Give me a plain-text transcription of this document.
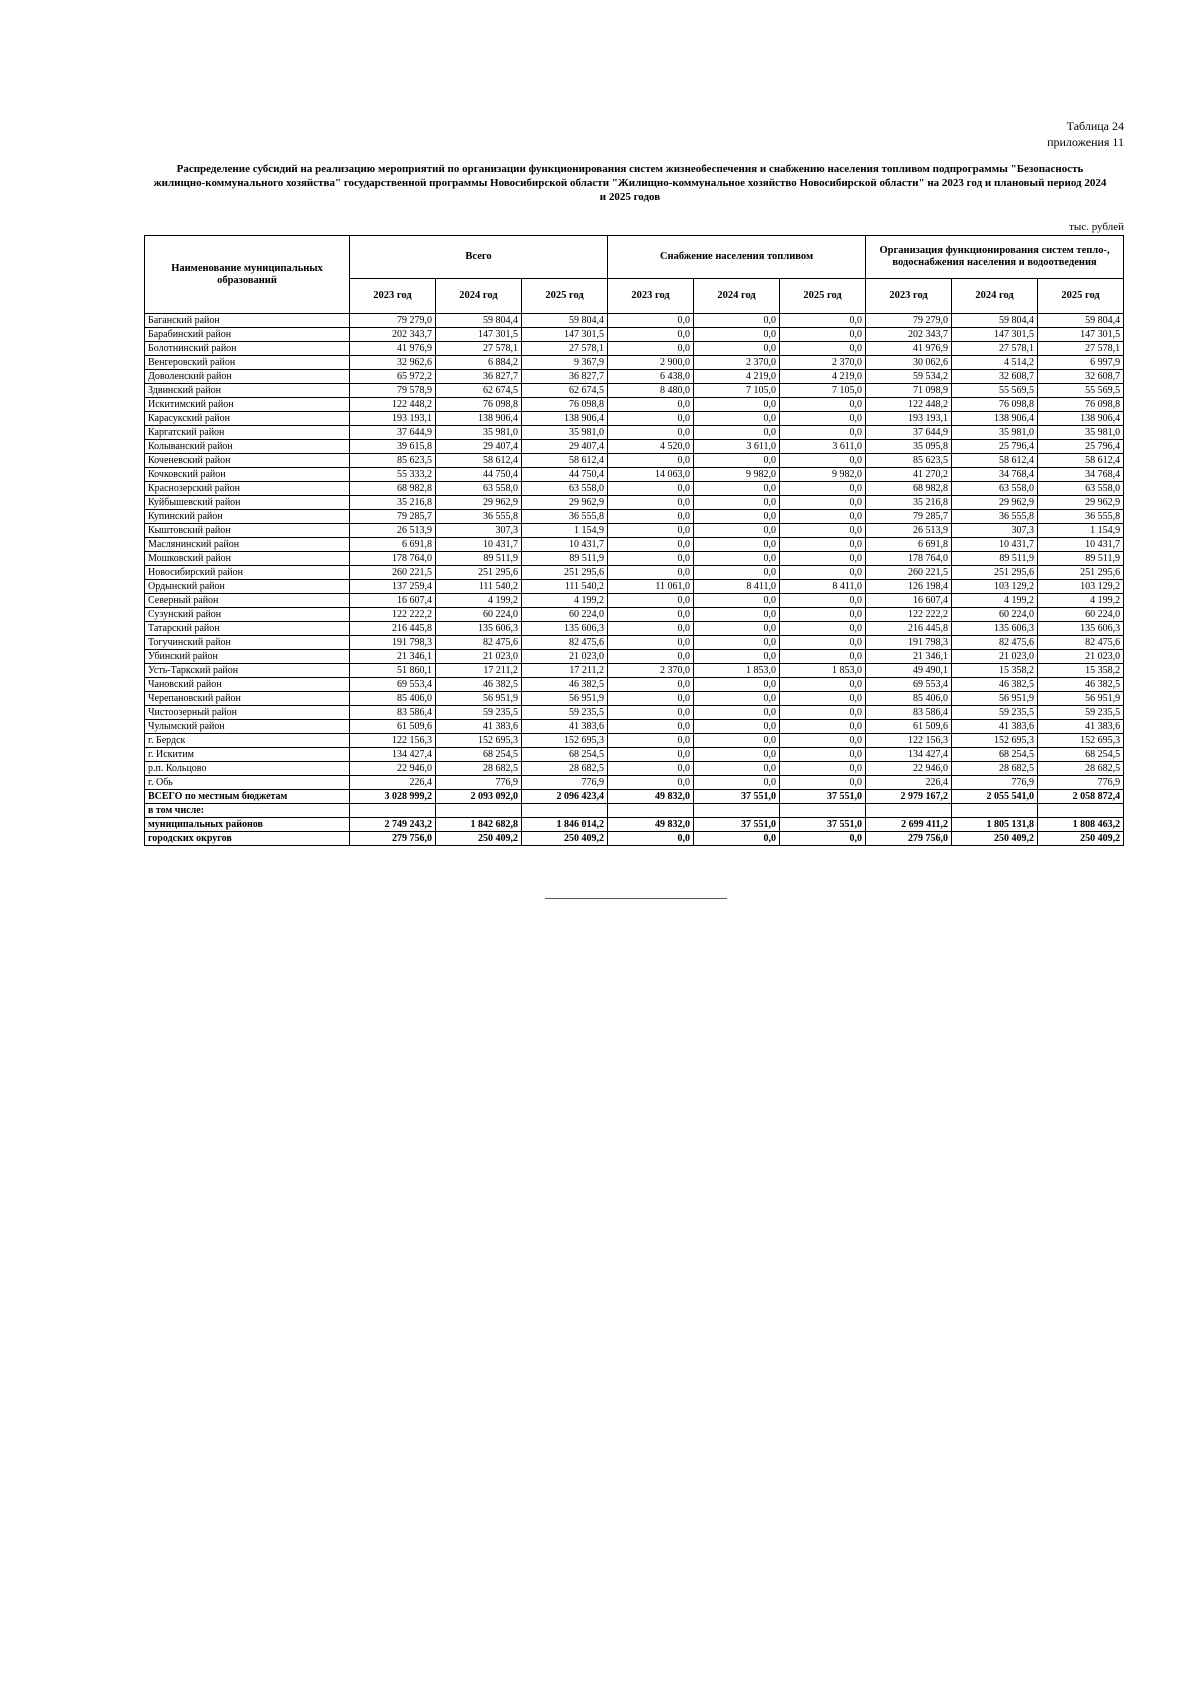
Таблица 24
приложения 11
Распределение субсидий на реализацию мероприятий по организации функционирования систем жизнеобеспечения и снабжению населения топливом подпрограммы "Безопасность жилищно-коммунального хозяйства" государственной программы Новосибирской области "Жилищно-коммунальное хозяйство Новосибирской области" на 2023 год и плановый период 2024 и 2025 годов
тыс. рублей
Наименование муниципальных образований	Всего			Снабжение населения топливом			Организация функционирования систем тепло-, водоснабжения населения и водоотведения		
	2023 год	2024 год	2025 год	2023 год	2024 год	2025 год	2023 год	2024 год	2025 год
Баганский район	79 279,0	59 804,4	59 804,4	0,0	0,0	0,0	79 279,0	59 804,4	59 804,4
Барабинский район	202 343,7	147 301,5	147 301,5	0,0	0,0	0,0	202 343,7	147 301,5	147 301,5
Болотнинский район	41 976,9	27 578,1	27 578,1	0,0	0,0	0,0	41 976,9	27 578,1	27 578,1
Венгеровский район	32 962,6	6 884,2	9 367,9	2 900,0	2 370,0	2 370,0	30 062,6	4 514,2	6 997,9
Доволенский район	65 972,2	36 827,7	36 827,7	6 438,0	4 219,0	4 219,0	59 534,2	32 608,7	32 608,7
Здвинский район	79 578,9	62 674,5	62 674,5	8 480,0	7 105,0	7 105,0	71 098,9	55 569,5	55 569,5
Искитимский район	122 448,2	76 098,8	76 098,8	0,0	0,0	0,0	122 448,2	76 098,8	76 098,8
Карасукский район	193 193,1	138 906,4	138 906,4	0,0	0,0	0,0	193 193,1	138 906,4	138 906,4
Каргатский район	37 644,9	35 981,0	35 981,0	0,0	0,0	0,0	37 644,9	35 981,0	35 981,0
Колыванский район	39 615,8	29 407,4	29 407,4	4 520,0	3 611,0	3 611,0	35 095,8	25 796,4	25 796,4
Коченевский район	85 623,5	58 612,4	58 612,4	0,0	0,0	0,0	85 623,5	58 612,4	58 612,4
Кочковский район	55 333,2	44 750,4	44 750,4	14 063,0	9 982,0	9 982,0	41 270,2	34 768,4	34 768,4
Краснозерский район	68 982,8	63 558,0	63 558,0	0,0	0,0	0,0	68 982,8	63 558,0	63 558,0
Куйбышевский район	35 216,8	29 962,9	29 962,9	0,0	0,0	0,0	35 216,8	29 962,9	29 962,9
Купинский район	79 285,7	36 555,8	36 555,8	0,0	0,0	0,0	79 285,7	36 555,8	36 555,8
Кыштовский район	26 513,9	307,3	1 154,9	0,0	0,0	0,0	26 513,9	307,3	1 154,9
Маслянинский район	6 691,8	10 431,7	10 431,7	0,0	0,0	0,0	6 691,8	10 431,7	10 431,7
Мошковский район	178 764,0	89 511,9	89 511,9	0,0	0,0	0,0	178 764,0	89 511,9	89 511,9
Новосибирский район	260 221,5	251 295,6	251 295,6	0,0	0,0	0,0	260 221,5	251 295,6	251 295,6
Ордынский район	137 259,4	111 540,2	111 540,2	11 061,0	8 411,0	8 411,0	126 198,4	103 129,2	103 129,2
Северный район	16 607,4	4 199,2	4 199,2	0,0	0,0	0,0	16 607,4	4 199,2	4 199,2
Сузунский район	122 222,2	60 224,0	60 224,0	0,0	0,0	0,0	122 222,2	60 224,0	60 224,0
Татарский район	216 445,8	135 606,3	135 606,3	0,0	0,0	0,0	216 445,8	135 606,3	135 606,3
Тогучинский район	191 798,3	82 475,6	82 475,6	0,0	0,0	0,0	191 798,3	82 475,6	82 475,6
Убинский район	21 346,1	21 023,0	21 023,0	0,0	0,0	0,0	21 346,1	21 023,0	21 023,0
Усть-Таркский район	51 860,1	17 211,2	17 211,2	2 370,0	1 853,0	1 853,0	49 490,1	15 358,2	15 358,2
Чановский район	69 553,4	46 382,5	46 382,5	0,0	0,0	0,0	69 553,4	46 382,5	46 382,5
Черепановский район	85 406,0	56 951,9	56 951,9	0,0	0,0	0,0	85 406,0	56 951,9	56 951,9
Чистоозерный район	83 586,4	59 235,5	59 235,5	0,0	0,0	0,0	83 586,4	59 235,5	59 235,5
Чулымский район	61 509,6	41 383,6	41 383,6	0,0	0,0	0,0	61 509,6	41 383,6	41 383,6
г. Бердск	122 156,3	152 695,3	152 695,3	0,0	0,0	0,0	122 156,3	152 695,3	152 695,3
г. Искитим	134 427,4	68 254,5	68 254,5	0,0	0,0	0,0	134 427,4	68 254,5	68 254,5
р.п. Кольцово	22 946,0	28 682,5	28 682,5	0,0	0,0	0,0	22 946,0	28 682,5	28 682,5
г. Обь	226,4	776,9	776,9	0,0	0,0	0,0	226,4	776,9	776,9
ВСЕГО по местным бюджетам	3 028 999,2	2 093 092,0	2 096 423,4	49 832,0	37 551,0	37 551,0	2 979 167,2	2 055 541,0	2 058 872,4
в том числе:									
муниципальных районов	2 749 243,2	1 842 682,8	1 846 014,2	49 832,0	37 551,0	37 551,0	2 699 411,2	1 805 131,8	1 808 463,2
городских округов	279 756,0	250 409,2	250 409,2	0,0	0,0	0,0	279 756,0	250 409,2	250 409,2
